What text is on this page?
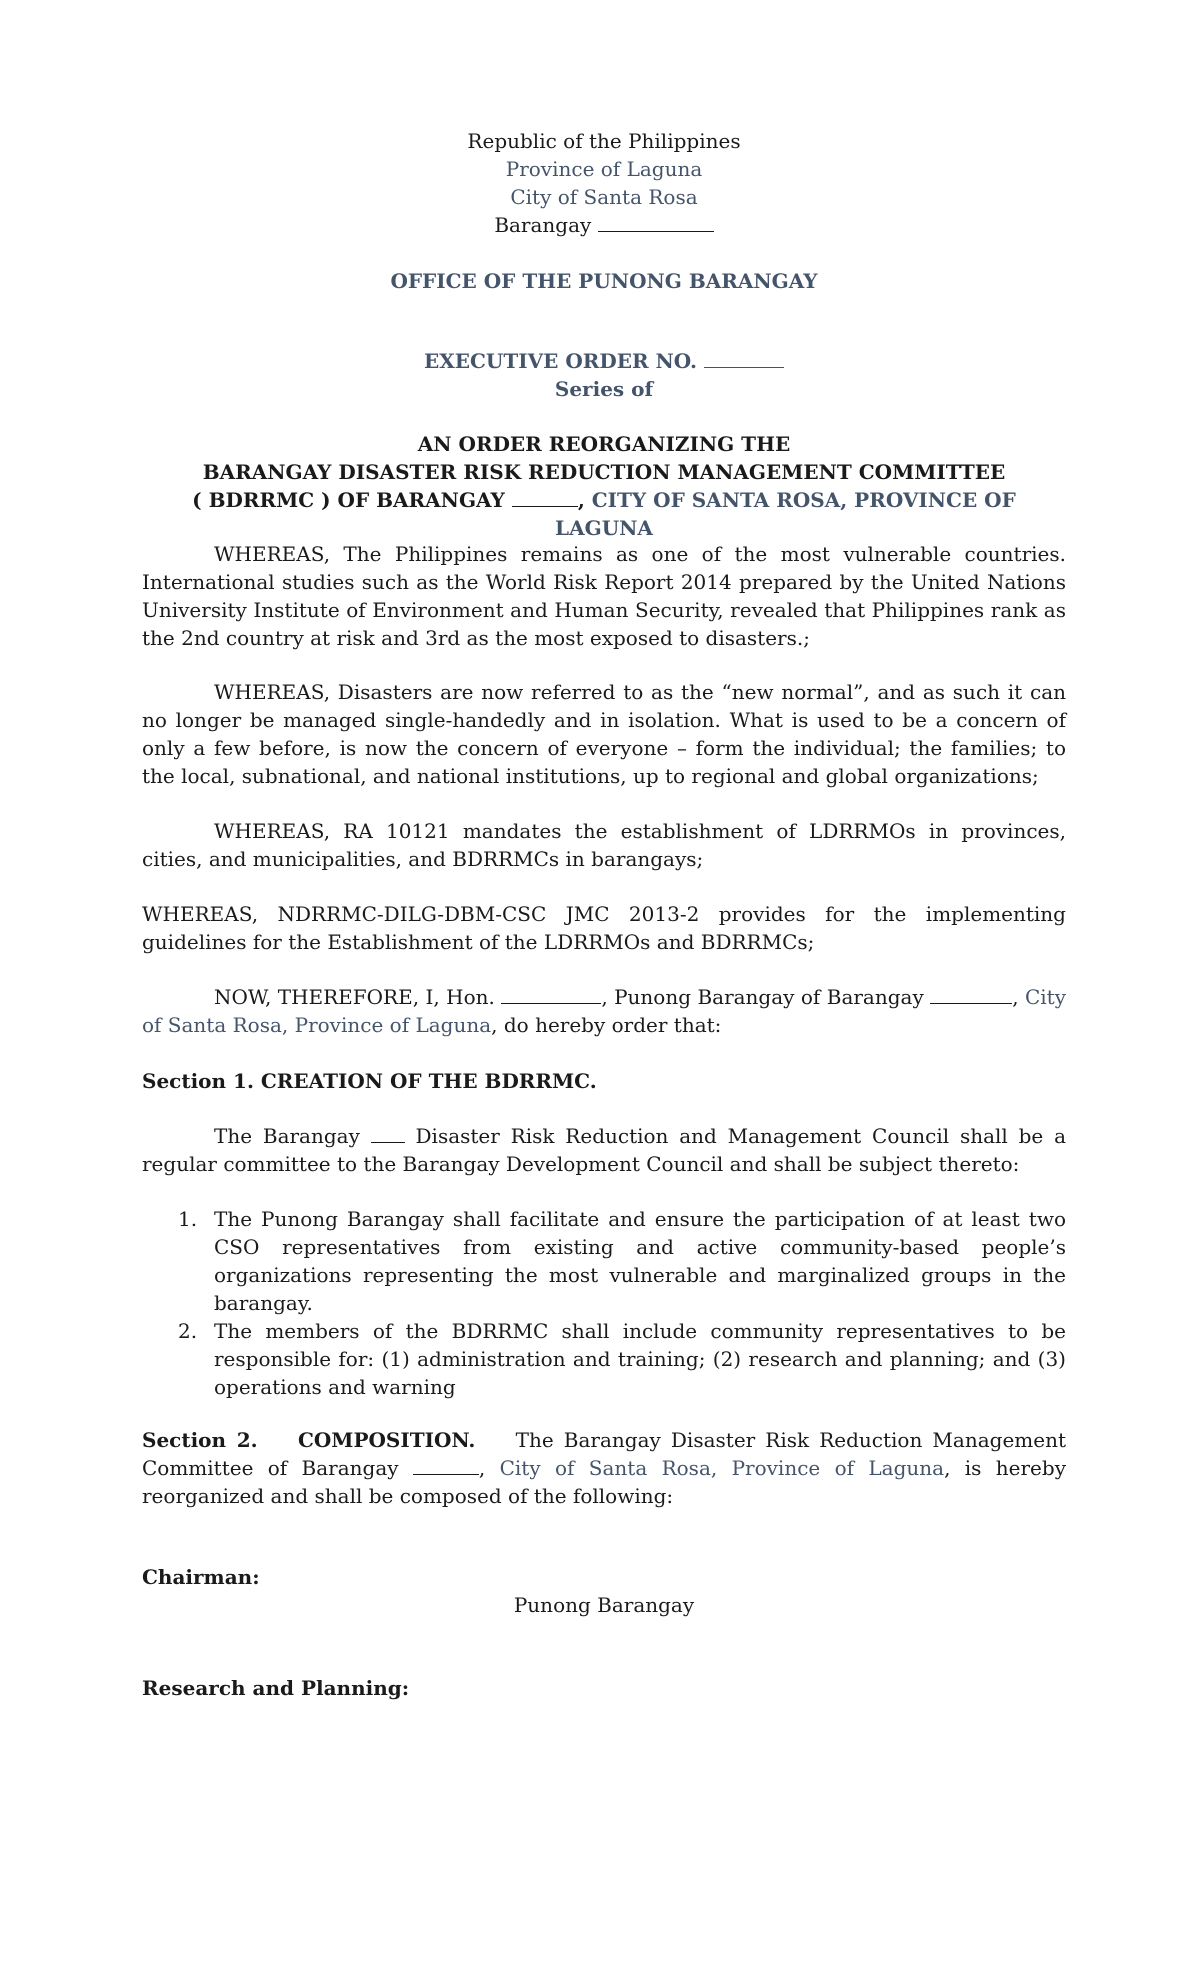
Republic of the Philippines
Province of Laguna
City of Santa Rosa
Barangay
OFFICE OF THE PUNONG BARANGAY
EXECUTIVE ORDER NO.
Series of
AN ORDER REORGANIZING THE
BARANGAY DISASTER RISK REDUCTION MANAGEMENT COMMITTEE
( BDRRMC ) OF BARANGAY	, CITY OF SANTA ROSA, PROVINCE OF LAGUNA

WHEREAS, The Philippines remains as one of the most vulnerable countries. International studies such as the World Risk Report 2014 prepared by the United Nations University Institute of Environment and Human Security, revealed that Philippines rank as the 2nd country at risk and 3rd as the most exposed to disasters.;

WHEREAS, Disasters are now referred to as the “new normal”, and as such it can no longer be managed single-handedly and in isolation. What is used to be a concern of only a few before, is now the concern of everyone – form the individual; the families; to the local, subnational, and national institutions, up to regional and global organizations;

WHEREAS, RA 10121 mandates the establishment of LDRRMOs in provinces, cities, and municipalities, and BDRRMCs in barangays;

WHEREAS, NDRRMC-DILG-DBM-CSC JMC 2013-2 provides for the implementing guidelines for the Establishment of the LDRRMOs and BDRRMCs;

NOW, THEREFORE, I, Hon.	, Punong Barangay of Barangay	, City of Santa Rosa, Province of Laguna, do hereby order that:

Section 1. CREATION OF THE BDRRMC.

The Barangay	Disaster Risk Reduction and Management Council shall be a regular committee to the Barangay Development Council and shall be subject thereto:

1. The Punong Barangay shall facilitate and ensure the participation of at least two CSO representatives from existing and active community-based people’s organizations representing the most vulnerable and marginalized groups in the barangay.
2. The members of the BDRRMC shall include community representatives to be responsible for: (1) administration and training; (2) research and planning; and (3) operations and warning

Section 2. COMPOSITION. The Barangay Disaster Risk Reduction Management Committee of Barangay	, City of Santa Rosa, Province of Laguna, is hereby reorganized and shall be composed of the following:

Chairman:
Punong Barangay
Research and Planning:
